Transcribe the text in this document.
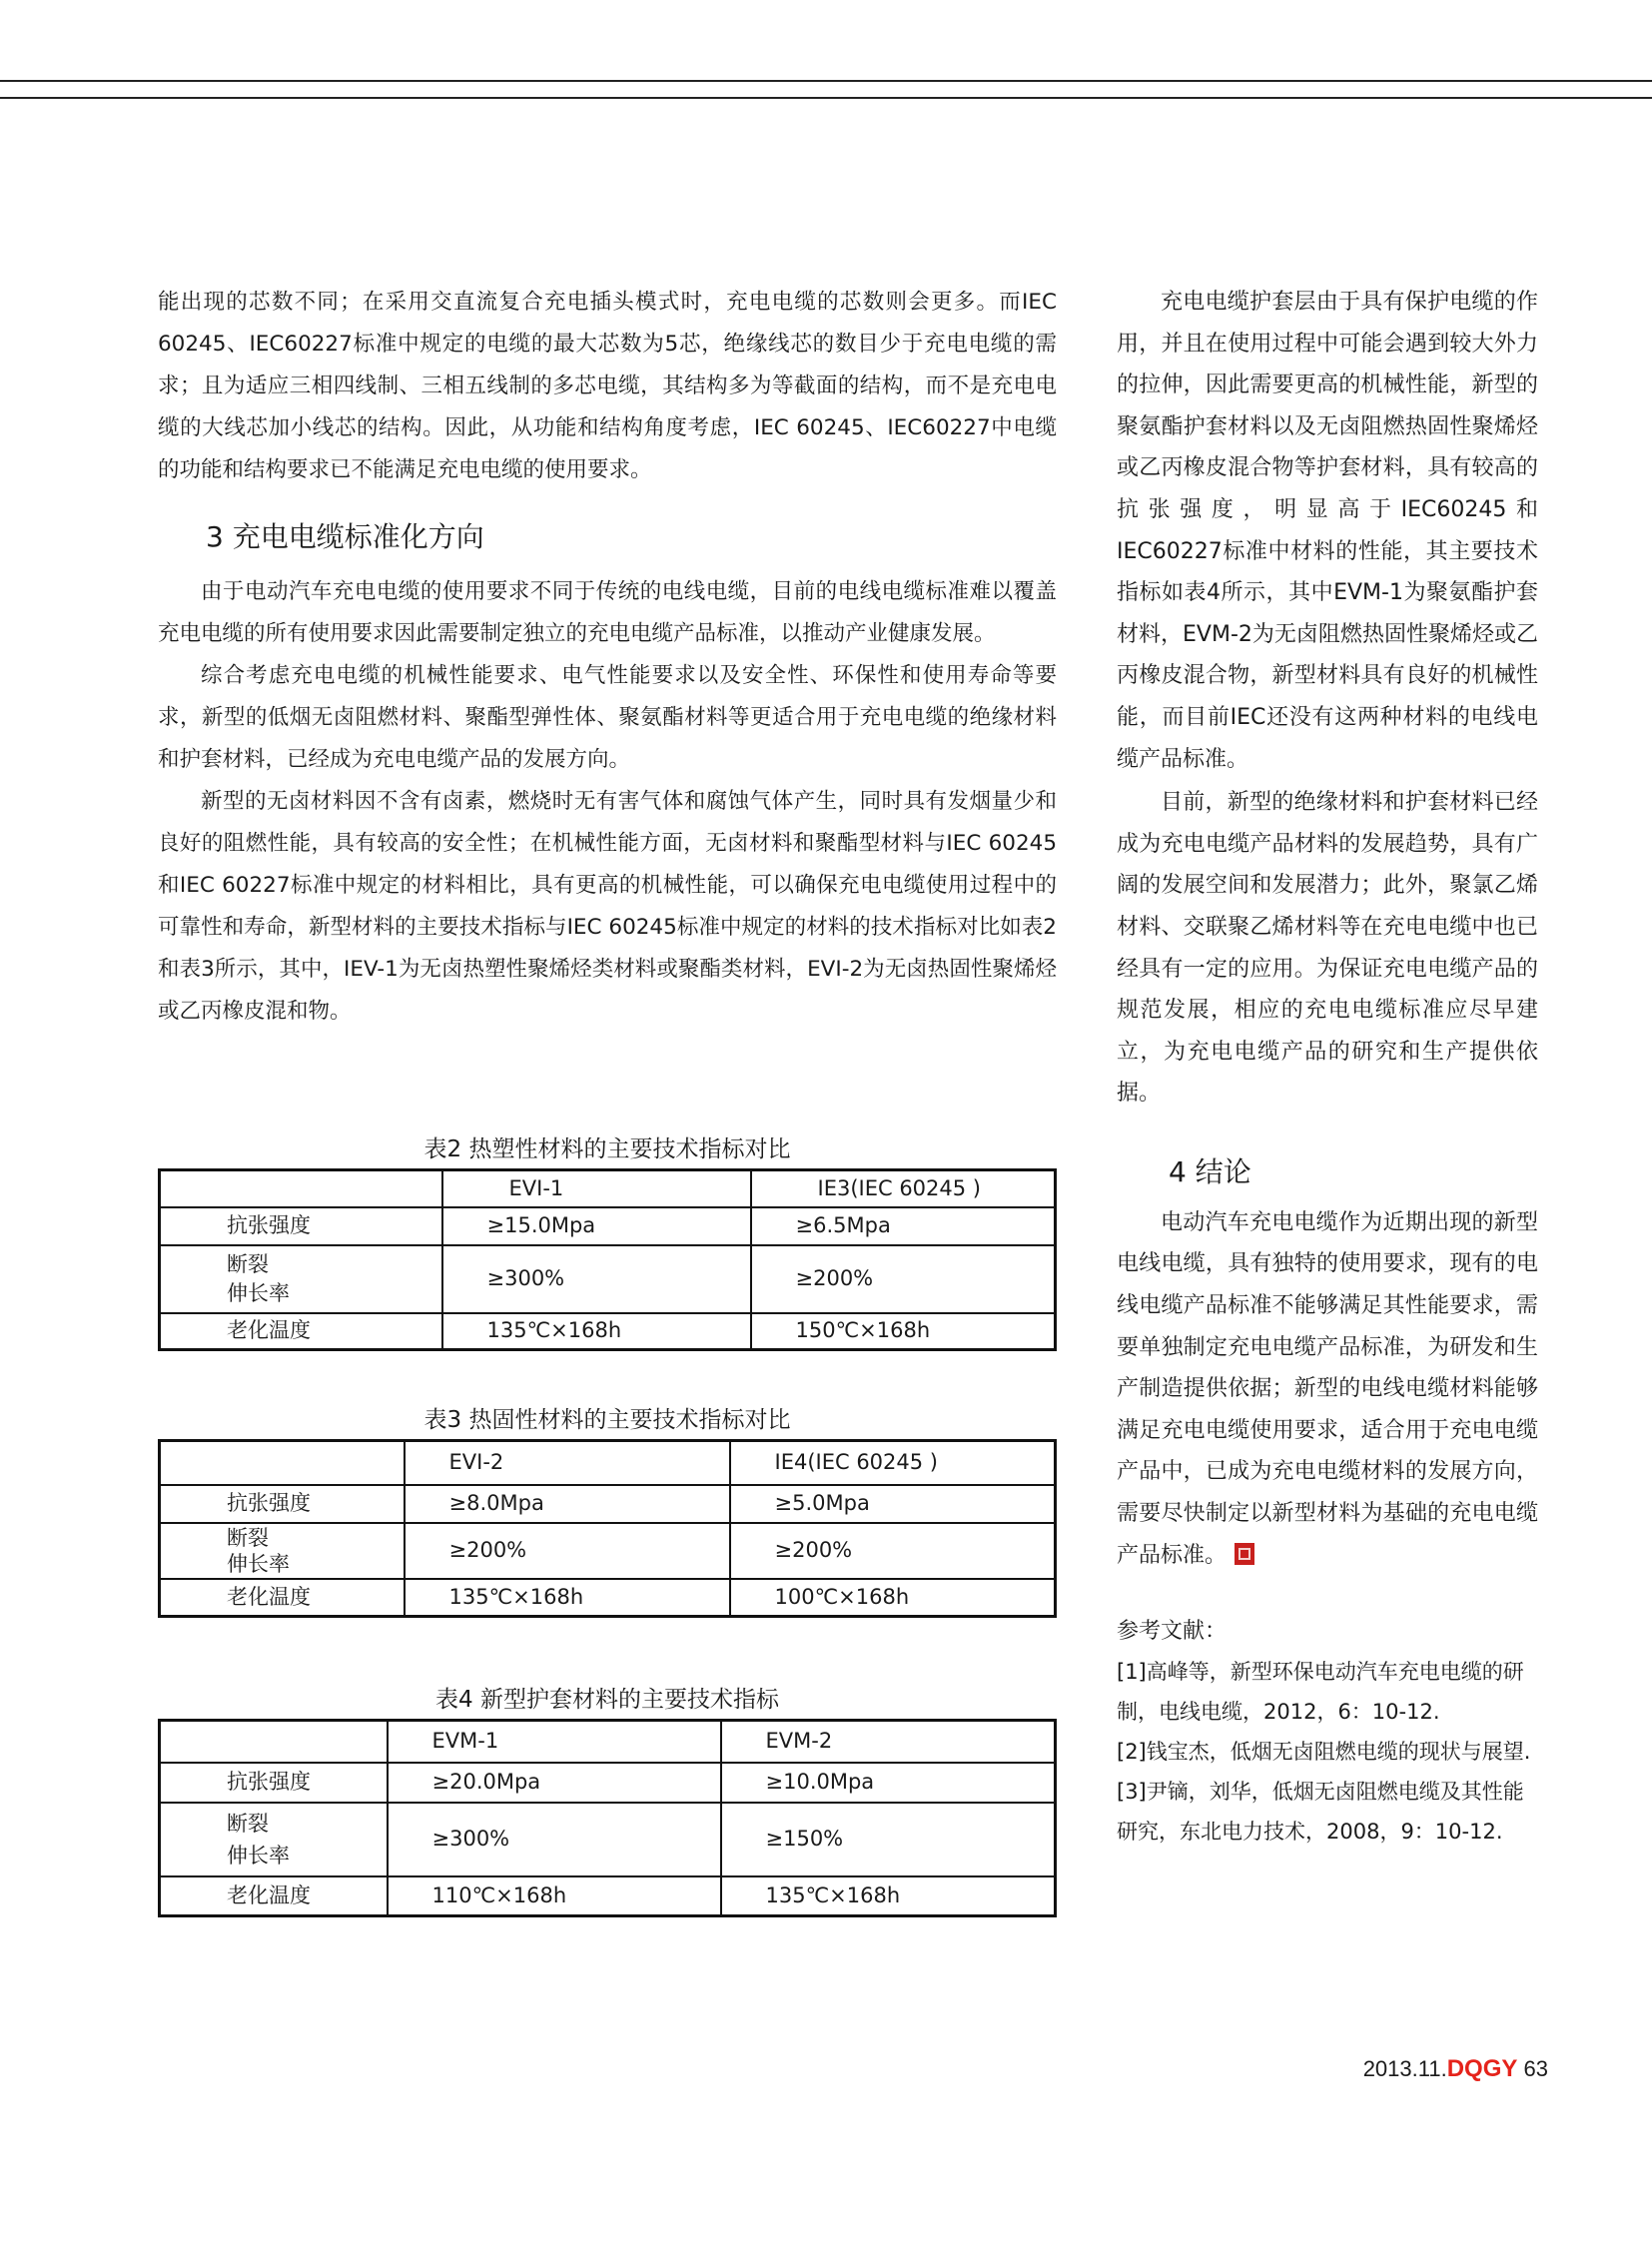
能出现的芯数不同；在采用交直流复合充电插头模式时，充电电缆的芯数则会更多。而IEC 60245、IEC60227标准中规定的电缆的最大芯数为5芯，绝缘线芯的数目少于充电电缆的需求；且为适应三相四线制、三相五线制的多芯电缆，其结构多为等截面的结构，而不是充电电缆的大线芯加小线芯的结构。因此，从功能和结构角度考虑，IEC 60245、IEC60227中电缆的功能和结构要求已不能满足充电电缆的使用要求。

3 充电电缆标准化方向

由于电动汽车充电电缆的使用要求不同于传统的电线电缆，目前的电线电缆标准难以覆盖充电电缆的所有使用要求因此需要制定独立的充电电缆产品标准，以推动产业健康发展。

综合考虑充电电缆的机械性能要求、电气性能要求以及安全性、环保性和使用寿命等要求，新型的低烟无卤阻燃材料、聚酯型弹性体、聚氨酯材料等更适合用于充电电缆的绝缘材料和护套材料，已经成为充电电缆产品的发展方向。

新型的无卤材料因不含有卤素，燃烧时无有害气体和腐蚀气体产生，同时具有发烟量少和良好的阻燃性能，具有较高的安全性；在机械性能方面，无卤材料和聚酯型材料与IEC 60245和IEC 60227标准中规定的材料相比，具有更高的机械性能，可以确保充电电缆使用过程中的可靠性和寿命，新型材料的主要技术指标与IEC 60245标准中规定的材料的技术指标对比如表2和表3所示，其中，IEV-1为无卤热塑性聚烯烃类材料或聚酯类材料，EVI-2为无卤热固性聚烯烃或乙丙橡皮混和物。

表2 热塑性材料的主要技术指标对比
	EVI-1	IE3(IEC 60245 )
抗张强度	≥15.0Mpa	≥6.5Mpa
断裂
伸长率	≥300%	≥200%
老化温度	135℃×168h	150℃×168h
表3 热固性材料的主要技术指标对比
	EVI-2	IE4(IEC 60245 )
抗张强度	≥8.0Mpa	≥5.0Mpa
断裂
伸长率	≥200%	≥200%
老化温度	135℃×168h	100℃×168h
表4 新型护套材料的主要技术指标
	EVM-1	EVM-2
抗张强度	≥20.0Mpa	≥10.0Mpa
断裂
伸长率	≥300%	≥150%
老化温度	110℃×168h	135℃×168h

充电电缆护套层由于具有保护电缆的作用，并且在使用过程中可能会遇到较大外力的拉伸，因此需要更高的机械性能，新型的聚氨酯护套材料以及无卤阻燃热固性聚烯烃或乙丙橡皮混合物等护套材料，具有较高的抗张强度，明显高于IEC60245和IEC60227标准中材料的性能，其主要技术指标如表4所示，其中EVM-1为聚氨酯护套材料，EVM-2为无卤阻燃热固性聚烯烃或乙丙橡皮混合物，新型材料具有良好的机械性能，而目前IEC还没有这两种材料的电线电缆产品标准。

目前，新型的绝缘材料和护套材料已经成为充电电缆产品材料的发展趋势，具有广阔的发展空间和发展潜力；此外，聚氯乙烯材料、交联聚乙烯材料等在充电电缆中也已经具有一定的应用。为保证充电电缆产品的规范发展，相应的充电电缆标准应尽早建立，为充电电缆产品的研究和生产提供依据。

4 结论

电动汽车充电电缆作为近期出现的新型电线电缆，具有独特的使用要求，现有的电线电缆产品标准不能够满足其性能要求，需要单独制定充电电缆产品标准，为研发和生产制造提供依据；新型的电线电缆材料能够满足充电电缆使用要求，适合用于充电电缆产品中，已成为充电电缆材料的发展方向，需要尽快制定以新型材料为基础的充电电缆产品标准。

参考文献：
[1]高峰等，新型环保电动汽车充电电缆的研制，电线电缆，2012，6：10-12.
[2]钱宝杰，低烟无卤阻燃电缆的现状与展望.
[3]尹镝，刘华，低烟无卤阻燃电缆及其性能研究，东北电力技术，2008，9：10-12.
2013.11.DQGY 63
